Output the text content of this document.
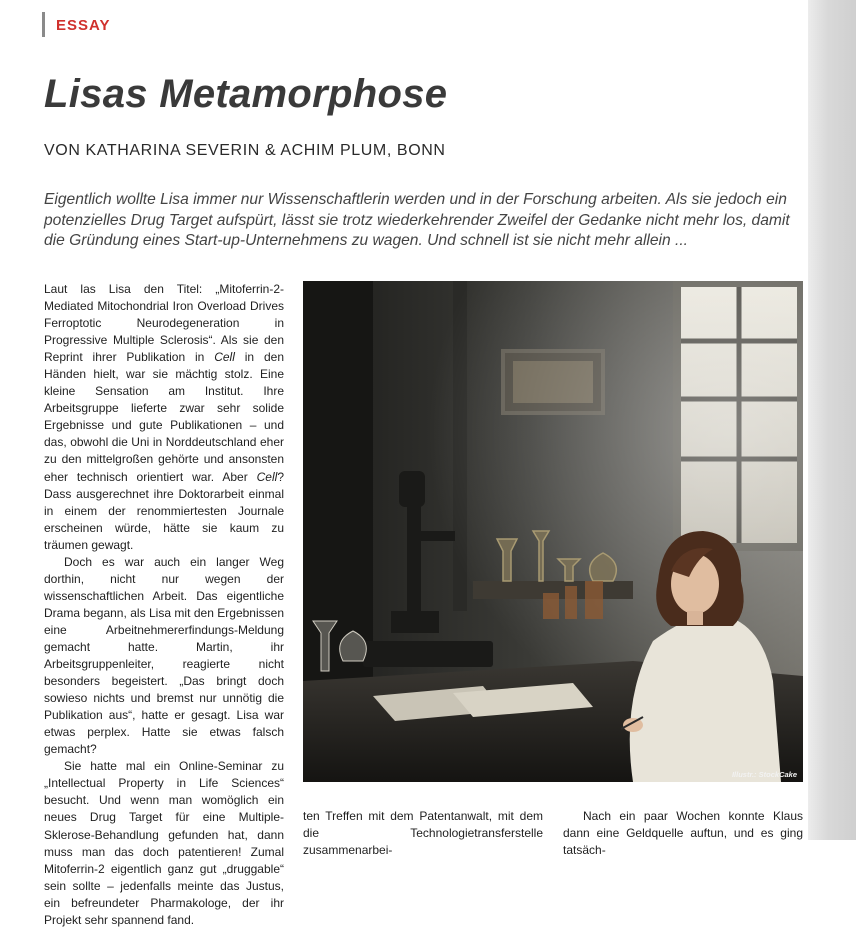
ESSAY
Lisas Metamorphose
VON KATHARINA SEVERIN & ACHIM PLUM, BONN

Eigentlich wollte Lisa immer nur Wissenschaftlerin werden und in der Forschung arbeiten. Als sie jedoch ein potenzielles Drug Target aufspürt, lässt sie trotz wiederkehrender Zweifel der Gedanke nicht mehr los, damit die Gründung eines Start-up-Unternehmens zu wagen. Und schnell ist sie nicht mehr allein ...

Laut las Lisa den Titel: „Mitoferrin-2-Mediated Mitochondrial Iron Overload Drives Ferroptotic Neurodegeneration in Progressive Multiple Sclerosis“. Als sie den Reprint ihrer Publikation in Cell in den Händen hielt, war sie mächtig stolz. Eine kleine Sensation am Institut. Ihre Arbeitsgruppe lieferte zwar sehr solide Ergebnisse und gute Publikationen – und das, obwohl die Uni in Norddeutschland eher zu den mittelgroßen gehörte und ansonsten eher technisch orientiert war. Aber Cell? Dass ausgerechnet ihre Doktorarbeit einmal in einem der renommiertesten Journale erscheinen würde, hätte sie kaum zu träumen gewagt.

Doch es war auch ein langer Weg dorthin, nicht nur wegen der wissenschaftlichen Arbeit. Das eigentliche Drama begann, als Lisa mit den Ergebnissen eine Arbeitnehmererfindungs-Meldung gemacht hatte. Martin, ihr Arbeitsgruppenleiter, reagierte nicht besonders begeistert. „Das bringt doch sowieso nichts und bremst nur unnötig die Publikation aus“, hatte er gesagt. Lisa war etwas perplex. Hatte sie etwas falsch gemacht?

Sie hatte mal ein Online-Seminar zu „Intellectual Property in Life Sciences“ besucht. Und wenn man womöglich ein neues Drug Target für eine Multiple-Sklerose-Behandlung gefunden hat, dann muss man das doch patentieren! Zumal Mitoferrin-2 eigentlich ganz gut „druggable“ sein sollte – jedenfalls meinte das Justus, ein befreundeter Pharmakologe, der ihr Projekt sehr spannend fand.

Illustr.: StockCake
ten Treffen mit dem Patentanwalt, mit dem die Technologietransferstelle zusammenarbei-
Nach ein paar Wochen konnte Klaus dann eine Geldquelle auftun, und es ging tatsäch-
